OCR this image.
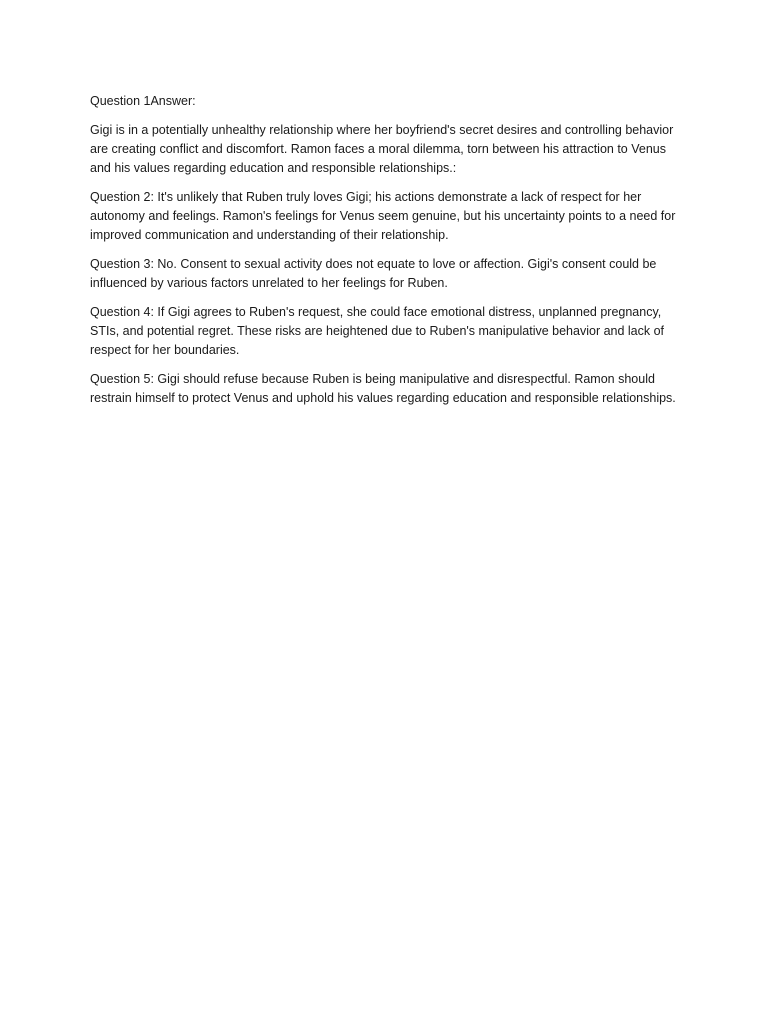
Question 1Answer:

Gigi is in a potentially unhealthy relationship where her boyfriend's secret desires and controlling behavior are creating conflict and discomfort. Ramon faces a moral dilemma, torn between his attraction to Venus and his values regarding education and responsible relationships.:

Question 2: It's unlikely that Ruben truly loves Gigi; his actions demonstrate a lack of respect for her autonomy and feelings. Ramon's feelings for Venus seem genuine, but his uncertainty points to a need for improved communication and understanding of their relationship.

Question 3: No. Consent to sexual activity does not equate to love or affection. Gigi's consent could be influenced by various factors unrelated to her feelings for Ruben.

Question 4: If Gigi agrees to Ruben's request, she could face emotional distress, unplanned pregnancy, STIs, and potential regret. These risks are heightened due to Ruben's manipulative behavior and lack of respect for her boundaries.

Question 5: Gigi should refuse because Ruben is being manipulative and disrespectful. Ramon should restrain himself to protect Venus and uphold his values regarding education and responsible relationships.
